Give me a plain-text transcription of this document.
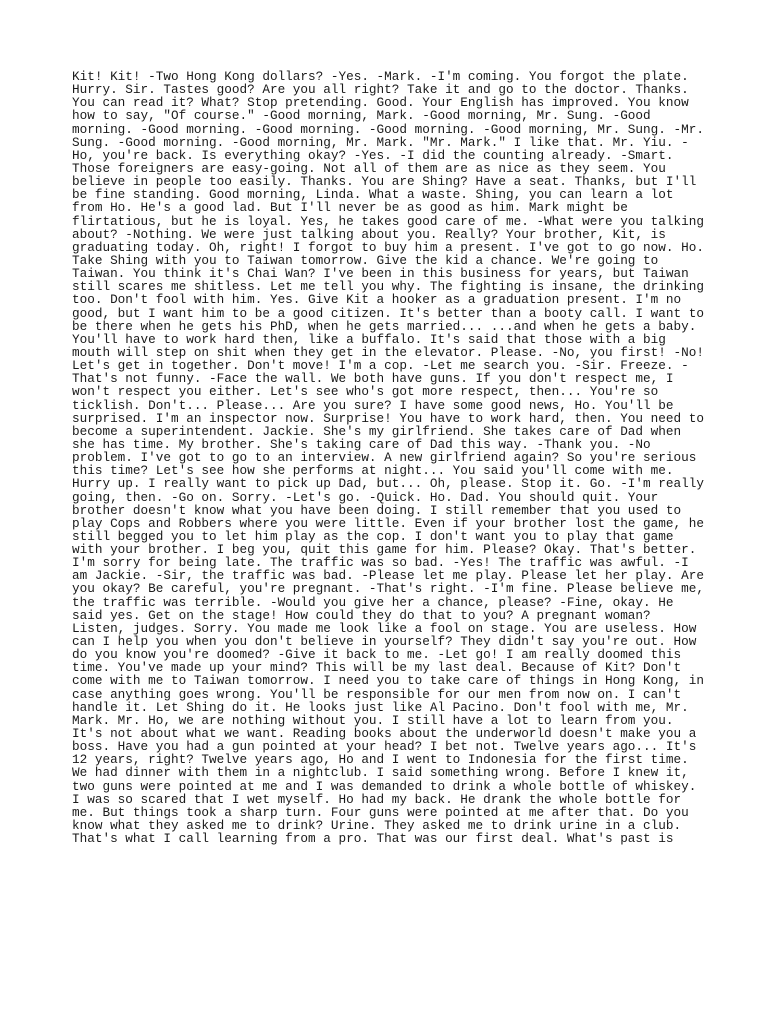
Kit! Kit! -Two Hong Kong dollars? -Yes. -Mark. -I'm coming. You forgot the plate.
Hurry. Sir. Tastes good? Are you all right? Take it and go to the doctor. Thanks.
You can read it? What? Stop pretending. Good. Your English has improved. You know
how to say, "Of course." -Good morning, Mark. -Good morning, Mr. Sung. -Good
morning. -Good morning. -Good morning. -Good morning. -Good morning, Mr. Sung. -Mr.
Sung. -Good morning. -Good morning, Mr. Mark. "Mr. Mark." I like that. Mr. Yiu. -
Ho, you're back. Is everything okay? -Yes. -I did the counting already. -Smart.
Those foreigners are easy-going. Not all of them are as nice as they seem. You
believe in people too easily. Thanks. You are Shing? Have a seat. Thanks, but I'll
be fine standing. Good morning, Linda. What a waste. Shing, you can learn a lot
from Ho. He's a good lad. But I'll never be as good as him. Mark might be
flirtatious, but he is loyal. Yes, he takes good care of me. -What were you talking
about? -Nothing. We were just talking about you. Really? Your brother, Kit, is
graduating today. Oh, right! I forgot to buy him a present. I've got to go now. Ho.
Take Shing with you to Taiwan tomorrow. Give the kid a chance. We're going to
Taiwan. You think it's Chai Wan? I've been in this business for years, but Taiwan
still scares me shitless. Let me tell you why. The fighting is insane, the drinking
too. Don't fool with him. Yes. Give Kit a hooker as a graduation present. I'm no
good, but I want him to be a good citizen. It's better than a booty call. I want to
be there when he gets his PhD, when he gets married... ...and when he gets a baby.
You'll have to work hard then, like a buffalo. It's said that those with a big
mouth will step on shit when they get in the elevator. Please. -No, you first! -No!
Let's get in together. Don't move! I'm a cop. -Let me search you. -Sir. Freeze. -
That's not funny. -Face the wall. We both have guns. If you don't respect me, I
won't respect you either. Let's see who's got more respect, then... You're so
ticklish. Don't... Please... Are you sure? I have some good news, Ho. You'll be
surprised. I'm an inspector now. Surprise! You have to work hard, then. You need to
become a superintendent. Jackie. She's my girlfriend. She takes care of Dad when
she has time. My brother. She's taking care of Dad this way. -Thank you. -No
problem. I've got to go to an interview. A new girlfriend again? So you're serious
this time? Let's see how she performs at night... You said you'll come with me.
Hurry up. I really want to pick up Dad, but... Oh, please. Stop it. Go. -I'm really
going, then. -Go on. Sorry. -Let's go. -Quick. Ho. Dad. You should quit. Your
brother doesn't know what you have been doing. I still remember that you used to
play Cops and Robbers where you were little. Even if your brother lost the game, he
still begged you to let him play as the cop. I don't want you to play that game
with your brother. I beg you, quit this game for him. Please? Okay. That's better.
I'm sorry for being late. The traffic was so bad. -Yes! The traffic was awful. -I
am Jackie. -Sir, the traffic was bad. -Please let me play. Please let her play. Are
you okay? Be careful, you're pregnant. -That's right. -I'm fine. Please believe me,
the traffic was terrible. -Would you give her a chance, please? -Fine, okay. He
said yes. Get on the stage! How could they do that to you? A pregnant woman?
Listen, judges. Sorry. You made me look like a fool on stage. You are useless. How
can I help you when you don't believe in yourself? They didn't say you're out. How
do you know you're doomed? -Give it back to me. -Let go! I am really doomed this
time. You've made up your mind? This will be my last deal. Because of Kit? Don't
come with me to Taiwan tomorrow. I need you to take care of things in Hong Kong, in
case anything goes wrong. You'll be responsible for our men from now on. I can't
handle it. Let Shing do it. He looks just like Al Pacino. Don't fool with me, Mr.
Mark. Mr. Ho, we are nothing without you. I still have a lot to learn from you.
It's not about what we want. Reading books about the underworld doesn't make you a
boss. Have you had a gun pointed at your head? I bet not. Twelve years ago... It's
12 years, right? Twelve years ago, Ho and I went to Indonesia for the first time.
We had dinner with them in a nightclub. I said something wrong. Before I knew it,
two guns were pointed at me and I was demanded to drink a whole bottle of whiskey.
I was so scared that I wet myself. Ho had my back. He drank the whole bottle for
me. But things took a sharp turn. Four guns were pointed at me after that. Do you
know what they asked me to drink? Urine. They asked me to drink urine in a club.
That's what I call learning from a pro. That was our first deal. What's past is
